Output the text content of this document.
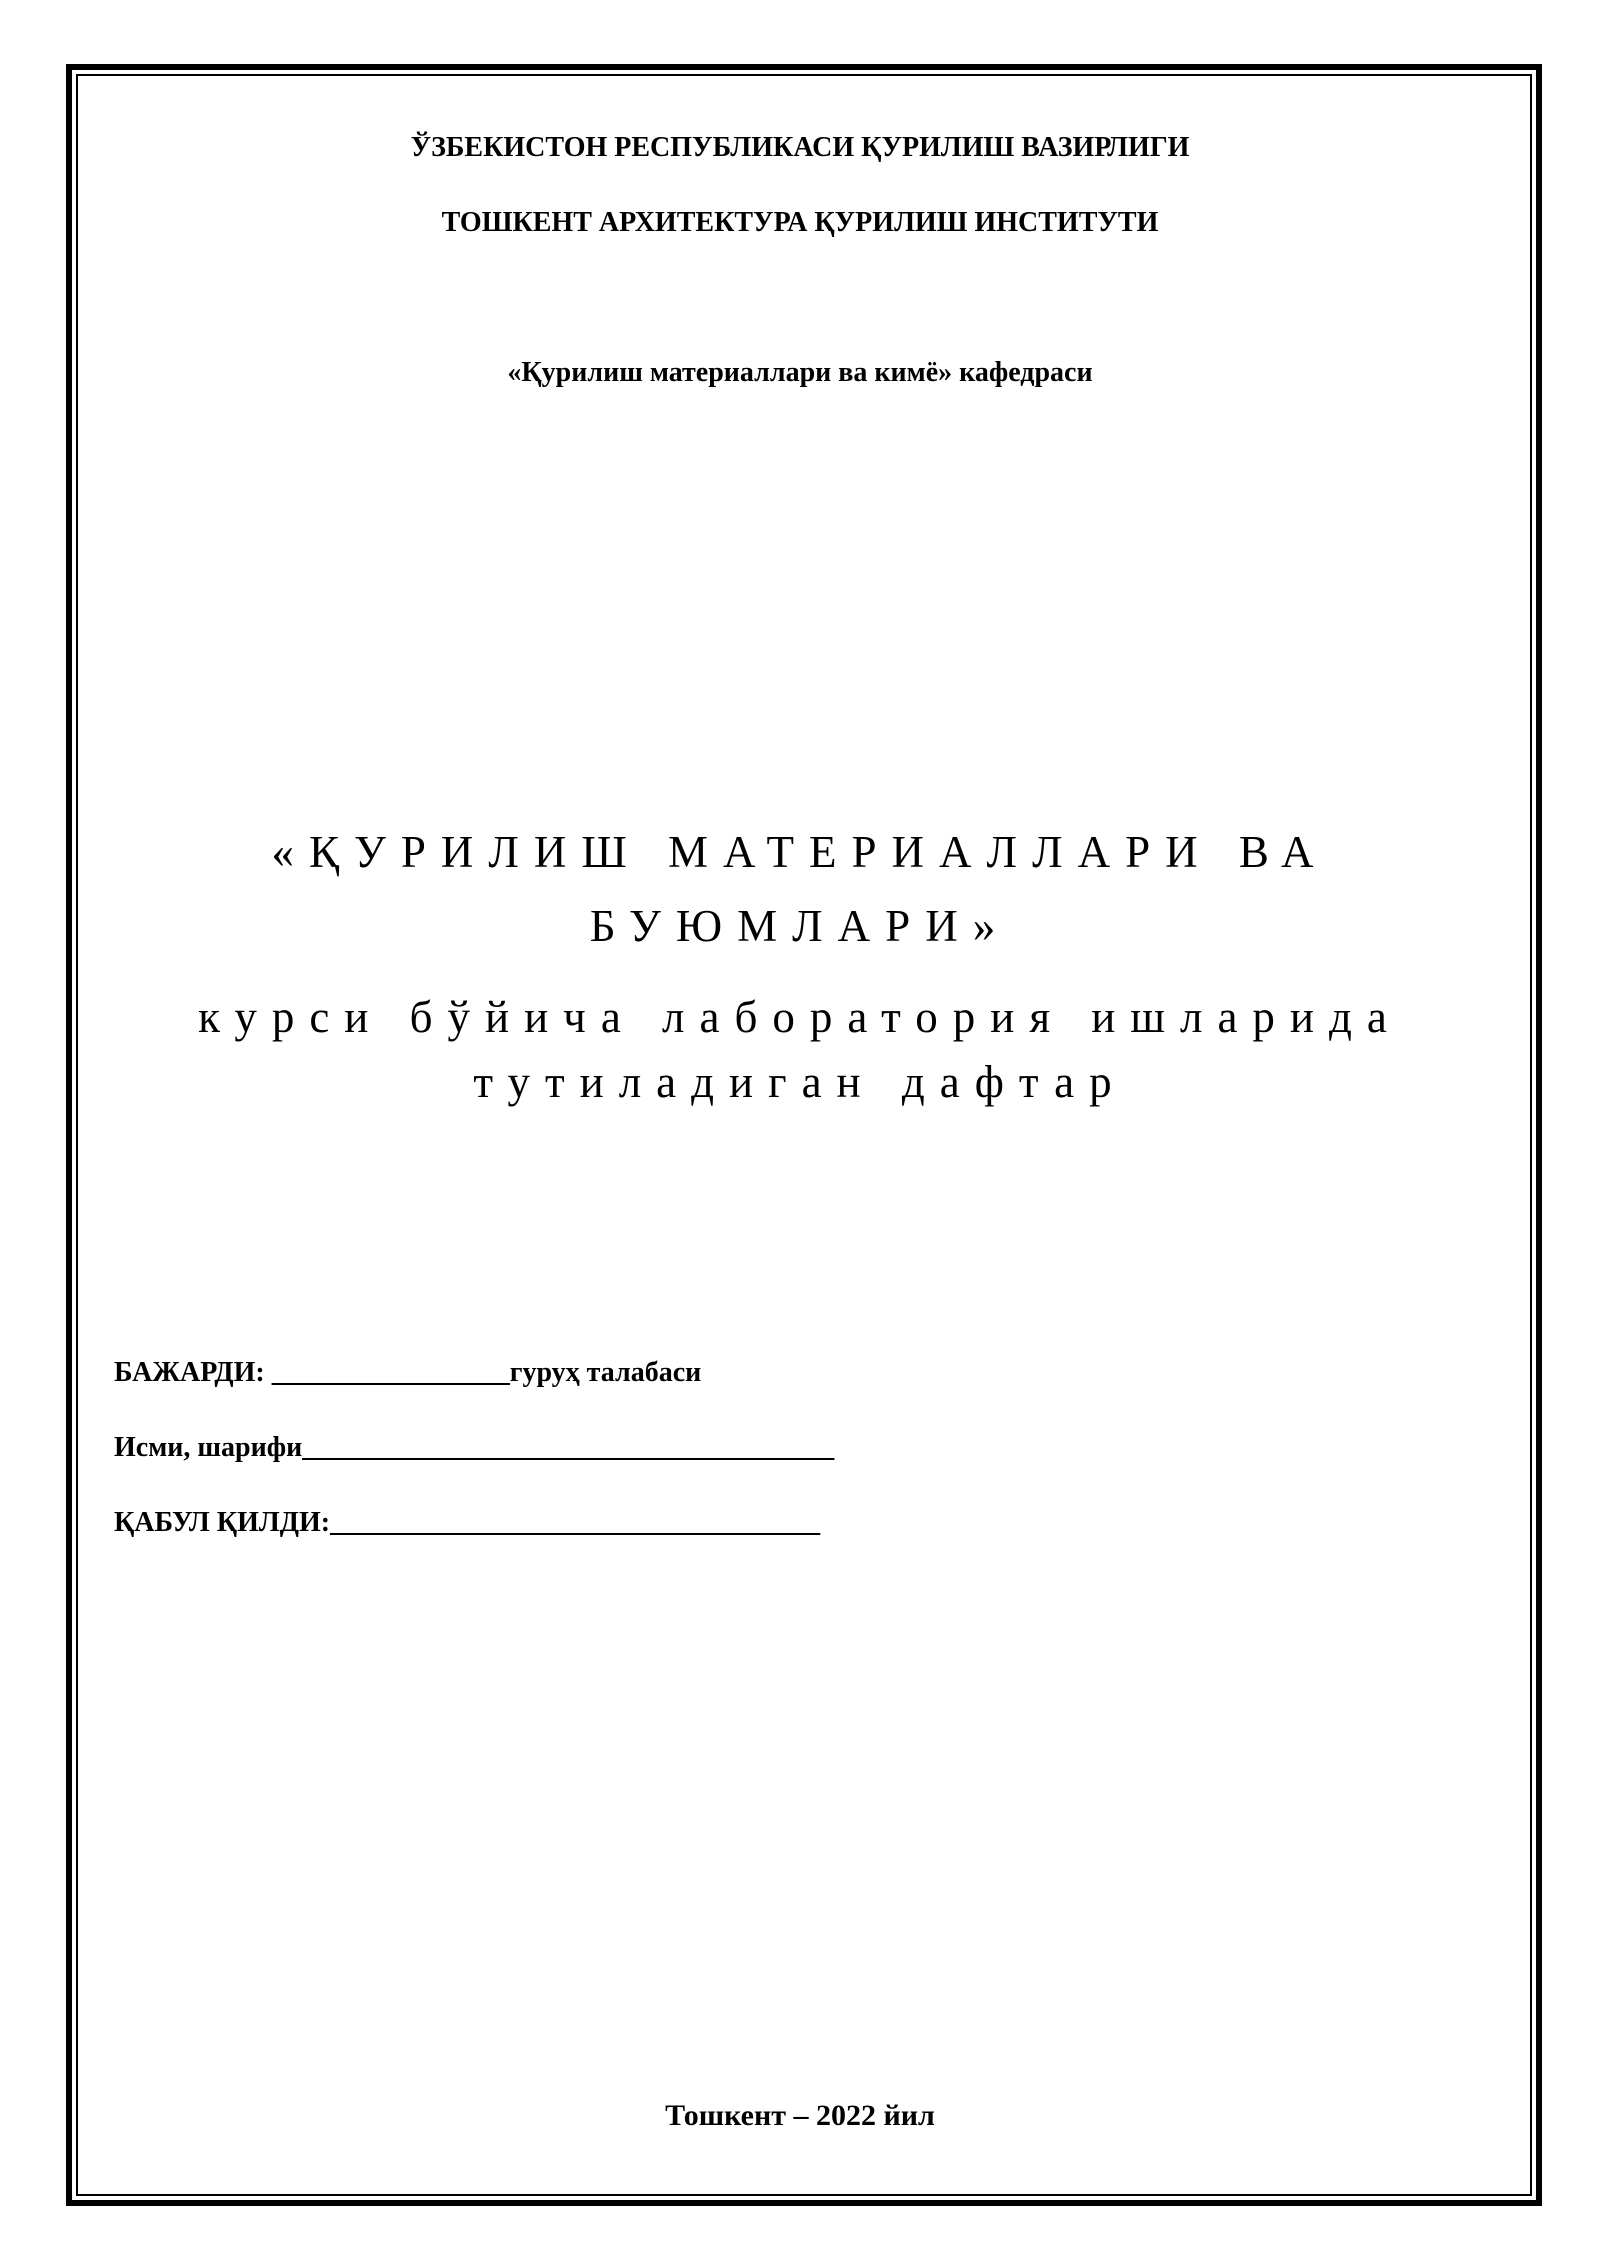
ЎЗБЕКИСТОН РЕСПУБЛИКАСИ ҚУРИЛИШ ВАЗИРЛИГИ
ТОШКЕНТ АРХИТЕКТУРА ҚУРИЛИШ ИНСТИТУТИ
«Қурилиш материаллари ва кимё» кафедраси
«ҚУРИЛИШ МАТЕРИАЛЛАРИ ВА
БУЮМЛАРИ»
курси бўйича лаборатория ишларида
тутиладиган дафтар
БАЖАРДИ: _________________гуруҳ талабаси
Исми, шарифи______________________________________
ҚАБУЛ ҚИЛДИ:___________________________________
Тошкент – 2022 йил
